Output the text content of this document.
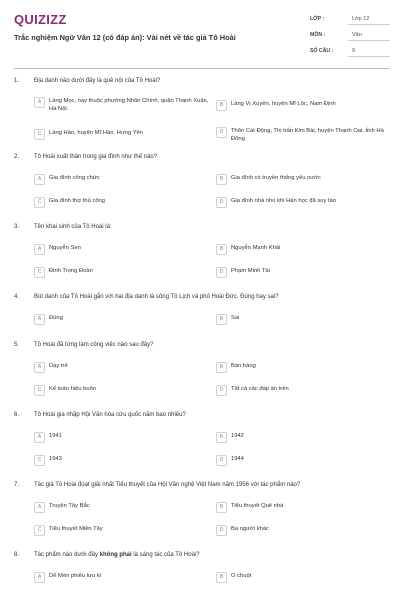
QUIZIZZ
Trắc nghiệm Ngữ Văn 12 (có đáp án): Vài nét về tác giả Tô Hoài
LỚP :	Lớp 12
MÔN :	Văn
SỐ CÂU :	9
1. Địa danh nào dưới đây là quê nội của Tô Hoài?
A	Làng Mọc, nay thuộc phường Nhân Chính, quận Thanh Xuân, Hà Nội.
B	Làng Vị Xuyên, huyện Mĩ Lộc, Nam Định
C	Làng Hảo, huyện Mĩ Hào, Hưng Yên	D	Thôn Cát Động, Thị trấn Kim Bài, huyện Thanh Oai, tỉnh Hà Đông
2. Tô Hoài xuất thân trong gia đình như thế nào?
A	Gia đình công chức	B	Gia đình có truyền thống yêu nước
C	Gia đình thợ thủ công	D	Gia đình nhà nho khi Hán học đã suy tàn
3. Tên khai sinh của Tô Hoài là:
A	Nguyễn Sen	B	Nguyễn Mạnh Khải
C	Đinh Trọng Đoàn	D	Phạm Minh Tài
4. Bút danh của Tô Hoài gắn với hai địa danh là sông Tô Lịch và phủ Hoài Đức. Đúng hay sai?
A	Đúng	B	Sai
5. Tô Hoài đã từng làm công việc nào sau đây?
A	Dạy trẻ	B	Bán hàng
C	Kế toán hiệu buôn	D	Tất cả các đáp án trên
6. Tô Hoài gia nhập Hội Văn hóa cứu quốc năm bao nhiêu?
A	1941	B	1942
C	1943	D	1944
7. Tác giả Tô Hoài đoạt giải nhất Tiểu thuyết của Hội Văn nghệ Việt Nam năm 1956 với tác phẩm nào?
A	Truyện Tây Bắc	B	Tiểu thuyết Quê nhà
C	Tiểu thuyết Miền Tây	D	Ba người khác
8. Tác phẩm nào dưới đây không phải là sáng tác của Tô Hoài?
A	Dế Mèn phiêu lưu kí	B	O chuột
